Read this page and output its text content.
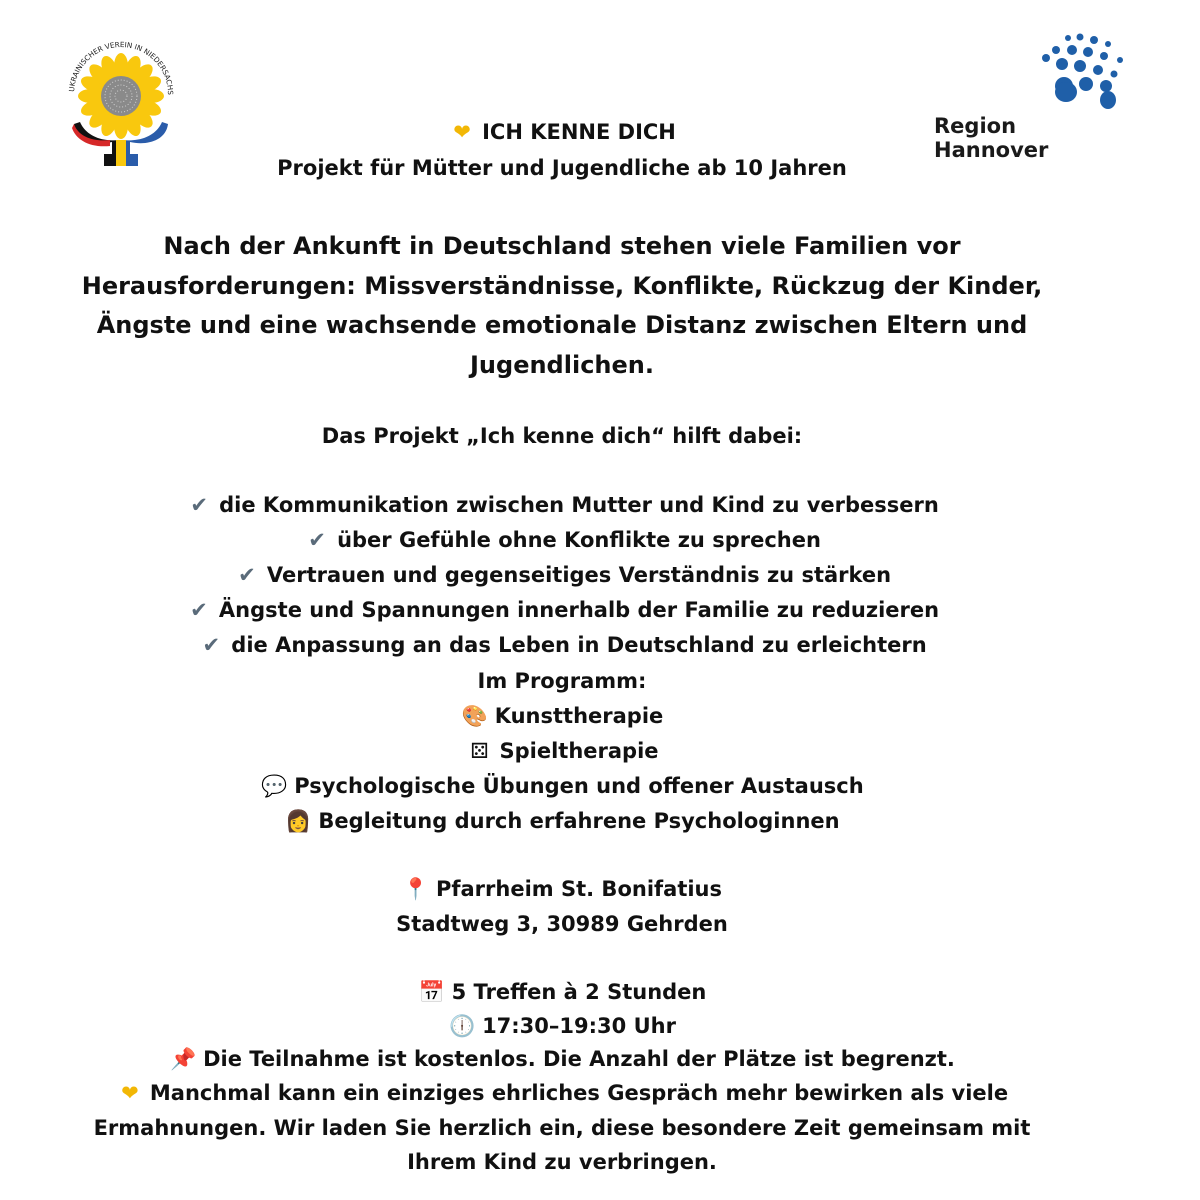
UKRAINISCHER VEREIN IN NIEDERSACHS
Region Hannover
❤ ICH KENNE DICH
Projekt für Mütter und Jugendliche ab 10 Jahren
Nach der Ankunft in Deutschland stehen viele Familien vor
Herausforderungen: Missverständnisse, Konflikte, Rückzug der Kinder,
Ängste und eine wachsende emotionale Distanz zwischen Eltern und
Jugendlichen.
Das Projekt „Ich kenne dich“ hilft dabei:
✔ die Kommunikation zwischen Mutter und Kind zu verbessern
✔ über Gefühle ohne Konflikte zu sprechen
✔ Vertrauen und gegenseitiges Verständnis zu stärken
✔ Ängste und Spannungen innerhalb der Familie zu reduzieren
✔ die Anpassung an das Leben in Deutschland zu erleichtern
Im Programm:
🎨 Kunsttherapie
⚄ Spieltherapie
💬 Psychologische Übungen und offener Austausch
👩 Begleitung durch erfahrene Psychologinnen
📍 Pfarrheim St. Bonifatius
Stadtweg 3, 30989 Gehrden
📅 5 Treffen à 2 Stunden
🕕 17:30–19:30 Uhr
📌 Die Teilnahme ist kostenlos. Die Anzahl der Plätze ist begrenzt.
❤ Manchmal kann ein einziges ehrliches Gespräch mehr bewirken als viele
Ermahnungen. Wir laden Sie herzlich ein, diese besondere Zeit gemeinsam mit
Ihrem Kind zu verbringen.
